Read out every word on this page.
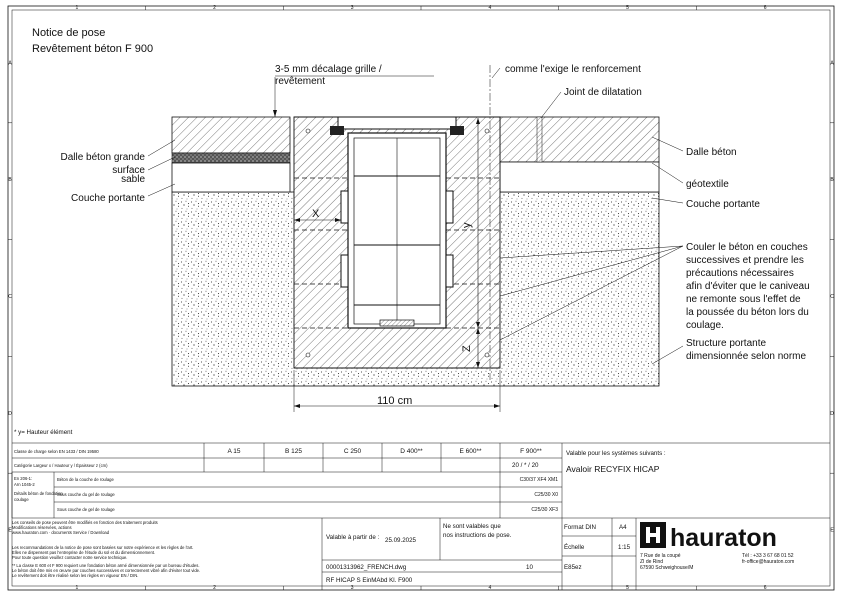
1
1
2
2
3
3
4
4
5
5
6
6
A	A
B	B
C	C
D	D
E	E
Notice de pose
Revêtement béton F 900
X
y
Z
110 cm
3-5 mm décalage grille /
revêtement
comme l'exige le renforcement
Joint de dilatation
Dalle béton grande
surface
sable
Couche portante
Dalle béton
géotextile
Couche portante
Couler le béton en couches
successives et prendre les
précautions nécessaires
afin d'éviter que le caniveau
ne remonte sous l'effet de
la poussée du béton lors du
coulage.
Structure portante
dimensionnée selon norme
* y= Hauteur élément
Classe de charge selon EN 1433 / DIN 19580	A 15	B 125	C 250	D 400**	E 600**	F 900**
Catégorie Largeur x / Hauteur y / Épaisseur z (cm)	20 / * / 20
En 206-1:
Arn 1045-2
Détails béton de fondation
coulage
Béton de la couche de roulage	C30/37 XF4 XM1
Sous couche du gel de roulage	C25/30 X0
Sous couche de gel de roulage	C25/30 XF3
Valable pour les systèmes suivants :
Avaloir RECYFIX HICAP
Les conseils de pose peuvent être modifiés en fonction des traitement produits
Modifications réservées, actions
www.hauraton.com · documents Service / Download
Les recommandations de la notice de pose sont basées sur notre expérience et les règles de l'art.
Elles ne dispensent pas l'entreprise de l'étude du sol et du dimensionnement.
Pour toute question veuillez contacter notre service technique.
** La classe E 600 et F 900 requiert une fondation béton armé dimensionnée par un bureau d'études.
Le béton doit être mis en œuvre par couches successives et correctement vibré afin d'éviter tout vide.
Le revêtement doit être réalisé selon les règles en vigueur EN / DIN.
Valable à partir de : 25.09.2025
Ne sont valables que
nos instructions de pose.
00001313962_FRENCH.dwg	10
RF HICAP S EinMAbd Kl. F900
Format DIN	A4
Échelle	1:15
E85ez
hauraton
7 Rue de la coupé
ZI de Rind
67590 Schweighouse/M
Tél : +33 3 67 68 01 52
fr-office@hauraton.com
